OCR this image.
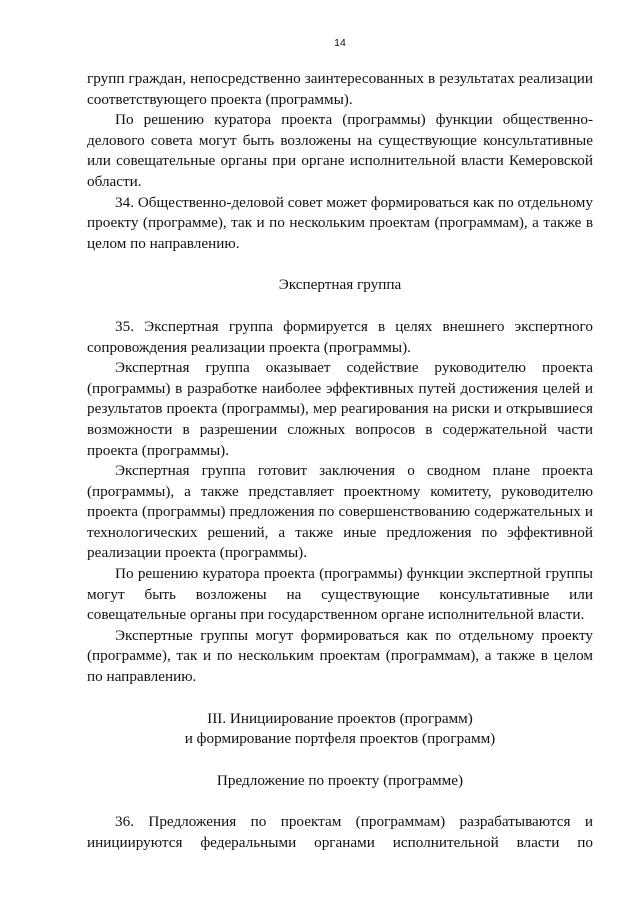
14

групп граждан, непосредственно заинтересованных в результатах реализации соответствующего проекта (программы).

По решению куратора проекта (программы) функции общественно-делового совета могут быть возложены на существующие консультативные или совещательные органы при органе исполнительной власти Кемеровской области.

34. Общественно-деловой совет может формироваться как по отдельному проекту (программе), так и по нескольким проектам (программам), а также в целом по направлению.

Экспертная группа

35. Экспертная группа формируется в целях внешнего экспертного сопровождения реализации проекта (программы).

Экспертная группа оказывает содействие руководителю проекта (программы) в разработке наиболее эффективных путей достижения целей и результатов проекта (программы), мер реагирования на риски и открывшиеся возможности в разрешении сложных вопросов в содержательной части проекта (программы).

Экспертная группа готовит заключения о сводном плане проекта (программы), а также представляет проектному комитету, руководителю проекта (программы) предложения по совершенствованию содержательных и технологических решений, а также иные предложения по эффективной реализации проекта (программы).

По решению куратора проекта (программы) функции экспертной группы могут быть возложены на существующие консультативные или совещательные органы при государственном органе исполнительной власти.

Экспертные группы могут формироваться как по отдельному проекту (программе), так и по нескольким проектам (программам), а также в целом по направлению.

III. Инициирование проектов (программ)
и формирование портфеля проектов (программ)
Предложение по проекту (программе)

36. Предложения по проектам (программам) разрабатываются и инициируются федеральными органами исполнительной власти по
